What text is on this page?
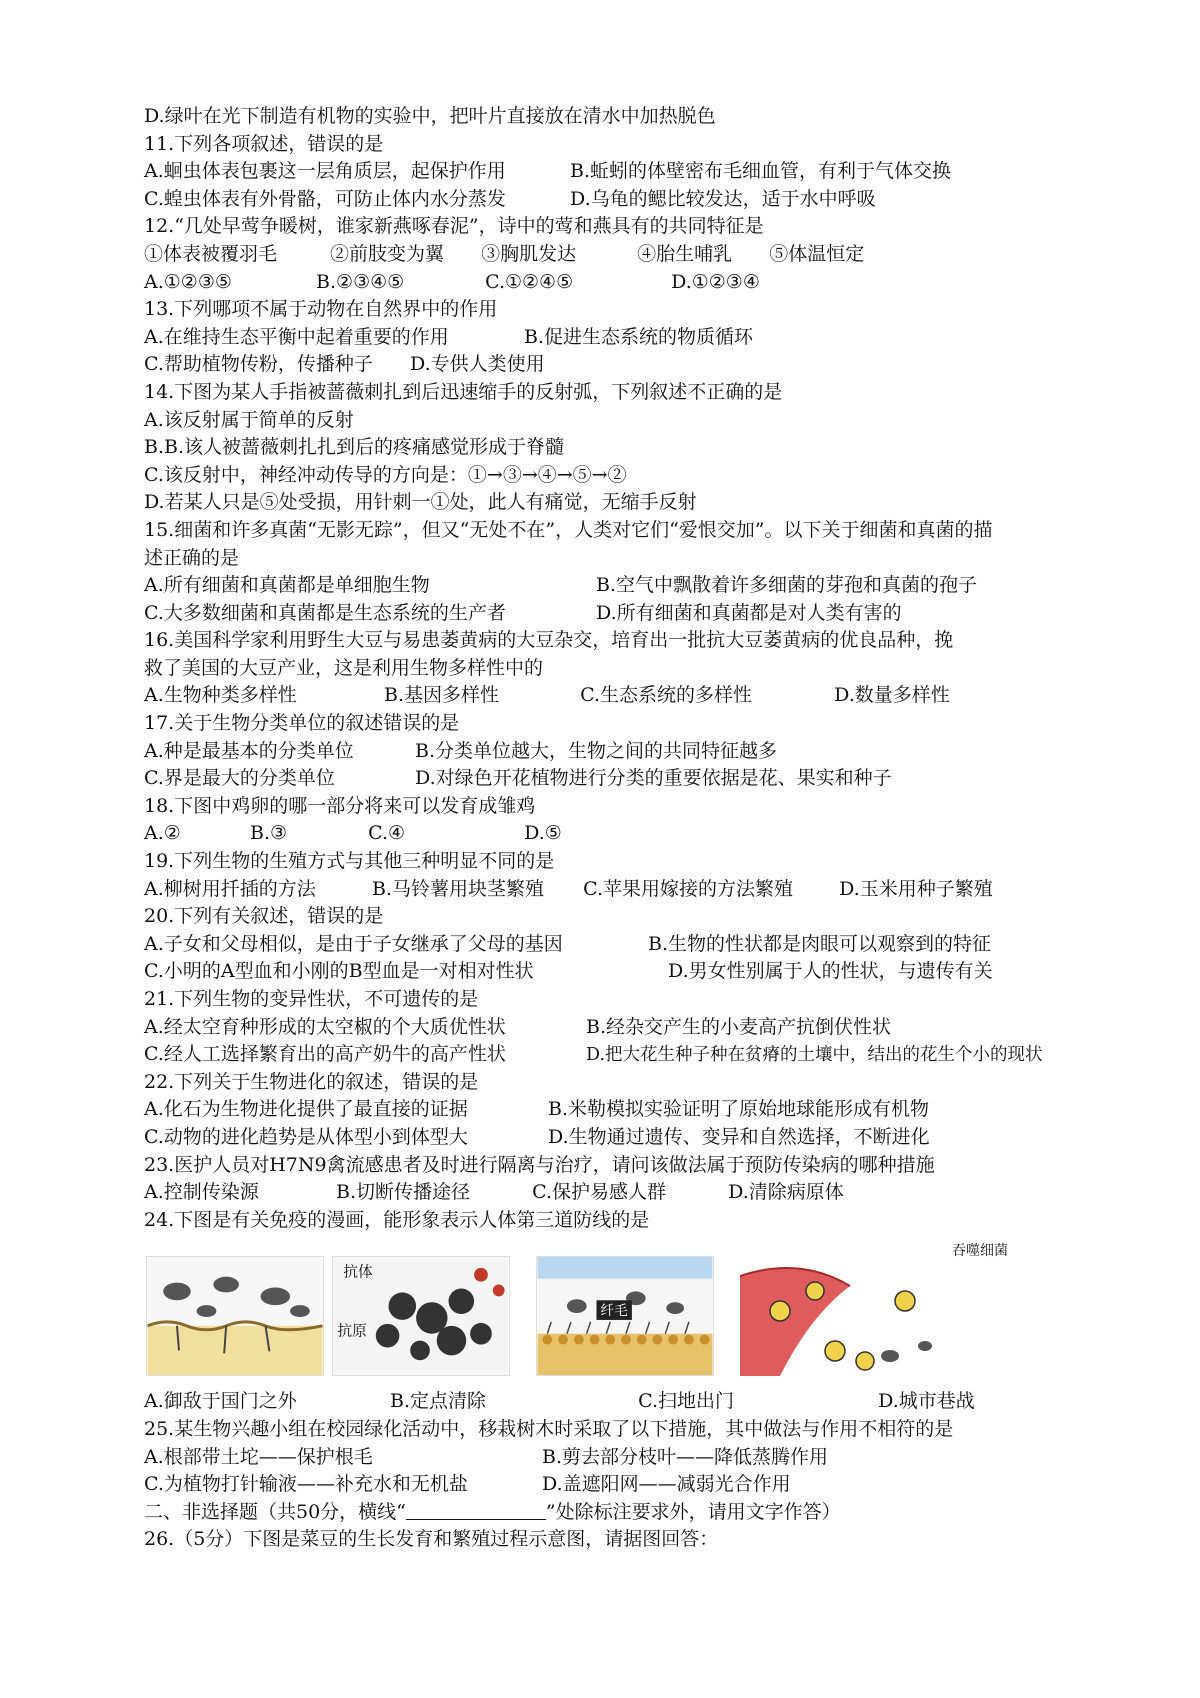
D.绿叶在光下制造有机物的实验中，把叶片直接放在清水中加热脱色
11.下列各项叙述，错误的是
A.蛔虫体表包裹这一层角质层，起保护作用	B.蚯蚓的体壁密布毛细血管，有利于气体交换
C.蝗虫体表有外骨骼，可防止体内水分蒸发	D.乌龟的鳃比较发达，适于水中呼吸
12.“几处早莺争暖树，谁家新燕啄春泥”，诗中的莺和燕具有的共同特征是
①体表被覆羽毛	②前肢变为翼 ③胸肌发达	④胎生哺乳 ⑤体温恒定
A.①②③⑤	B.②③④⑤	C.①②④⑤	D.①②③④
13.下列哪项不属于动物在自然界中的作用
A.在维持生态平衡中起着重要的作用	B.促进生态系统的物质循环
C.帮助植物传粉，传播种子 D.专供人类使用
14.下图为某人手指被蔷薇刺扎到后迅速缩手的反射弧，下列叙述不正确的是
A.该反射属于简单的反射
B.B.该人被蔷薇刺扎扎到后的疼痛感觉形成于脊髓
C.该反射中，神经冲动传导的方向是：①→③→④→⑤→②
D.若某人只是⑤处受损，用针刺一①处，此人有痛觉，无缩手反射
15.细菌和许多真菌“无影无踪”，但又“无处不在”，人类对它们“爱恨交加”。以下关于细菌和真菌的描
述正确的是
A.所有细菌和真菌都是单细胞生物	B.空气中飘散着许多细菌的芽孢和真菌的孢子
C.大多数细菌和真菌都是生态系统的生产者	D.所有细菌和真菌都是对人类有害的
16.美国科学家利用野生大豆与易患萎黄病的大豆杂交，培育出一批抗大豆萎黄病的优良品种，挽
救了美国的大豆产业，这是利用生物多样性中的
A.生物种类多样性	B.基因多样性	C.生态系统的多样性	D.数量多样性
17.关于生物分类单位的叙述错误的是
A.种是最基本的分类单位	B.分类单位越大，生物之间的共同特征越多
C.界是最大的分类单位	D.对绿色开花植物进行分类的重要依据是花、果实和种子
18.下图中鸡卵的哪一部分将来可以发育成雏鸡
A.②	B.③	C.④	D.⑤
19.下列生物的生殖方式与其他三种明显不同的是
A.柳树用扦插的方法	B.马铃薯用块茎繁殖 C.苹果用嫁接的方法繁殖 D.玉米用种子繁殖
20.下列有关叙述，错误的是
A.子女和父母相似，是由于子女继承了父母的基因	B.生物的性状都是肉眼可以观察到的特征
C.小明的A型血和小刚的B型血是一对相对性状	D.男女性别属于人的性状，与遗传有关
21.下列生物的变异性状，不可遗传的是
A.经太空育种形成的太空椒的个大质优性状	B.经杂交产生的小麦高产抗倒伏性状
C.经人工选择繁育出的高产奶牛的高产性状	D.把大花生种子种在贫瘠的土壤中，结出的花生个小的现状
22.下列关于生物进化的叙述，错误的是
A.化石为生物进化提供了最直接的证据	B.米勒模拟实验证明了原始地球能形成有机物
C.动物的进化趋势是从体型小到体型大	D.生物通过遗传、变异和自然选择，不断进化
23.医护人员对H7N9禽流感患者及时进行隔离与治疗，请问该做法属于预防传染病的哪种措施
A.控制传染源	B.切断传播途径	C.保护易感人群	D.清除病原体
24.下图是有关免疫的漫画，能形象表示人体第三道防线的是
抗体
抗原
纤毛
吞噬细菌
A.御敌于国门之外	B.定点清除	C.扫地出门	D.城市巷战
25.某生物兴趣小组在校园绿化活动中，移栽树木时采取了以下措施，其中做法与作用不相符的是
A.根部带土坨——保护根毛	B.剪去部分枝叶——降低蒸腾作用
C.为植物打针输液——补充水和无机盐	D.盖遮阳网——减弱光合作用
二、非选择题（共50分，横线“	”处除标注要求外，请用文字作答）
26.（5分）下图是菜豆的生长发育和繁殖过程示意图，请据图回答：
